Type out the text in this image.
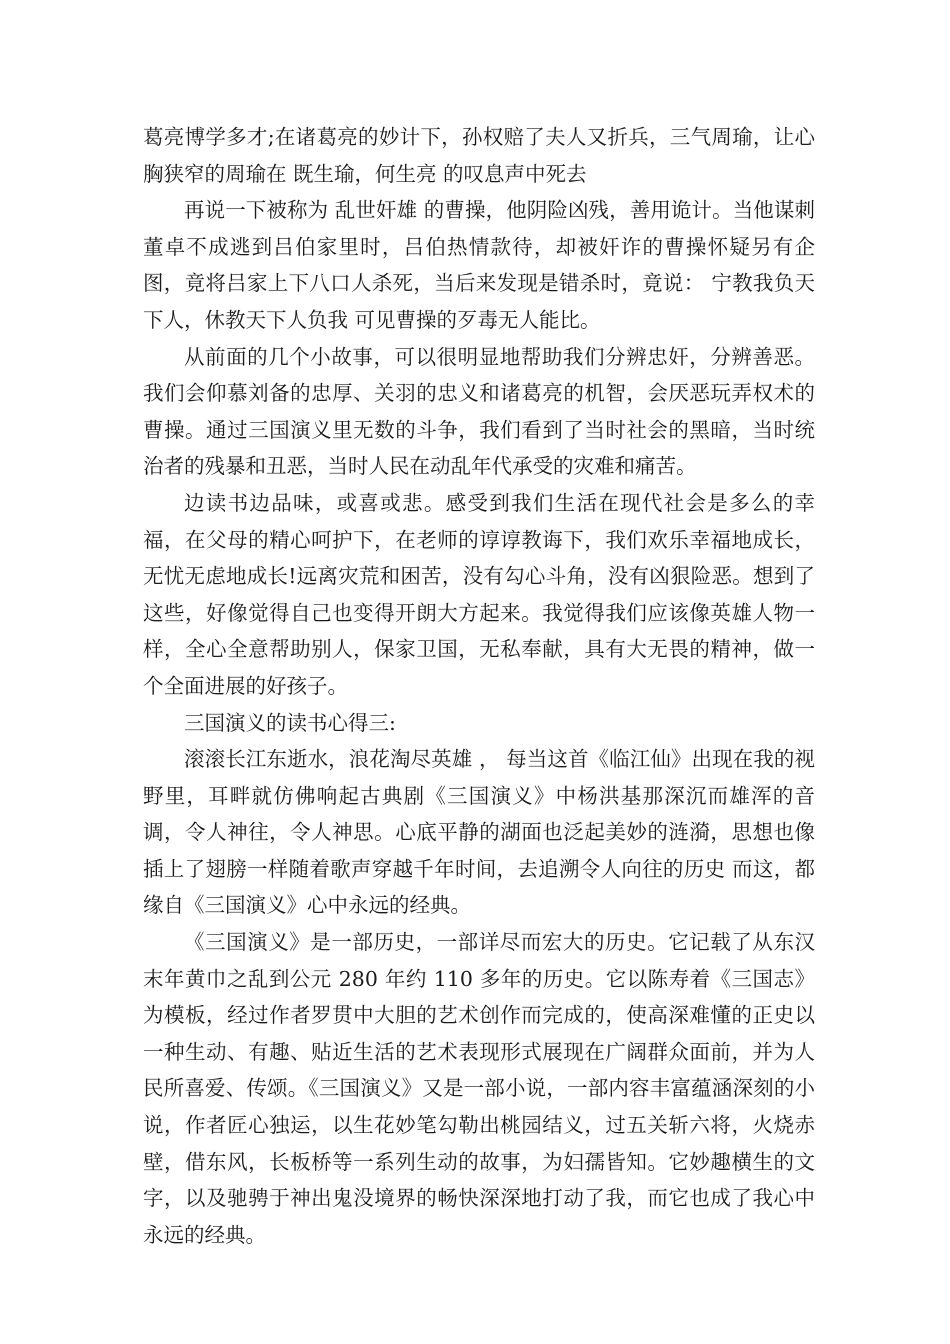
葛亮博学多才;在诸葛亮的妙计下，孙权赔了夫人又折兵，三气周瑜，让心胸狭窄的周瑜在 既生瑜，何生亮 的叹息声中死去

再说一下被称为 乱世奸雄 的曹操，他阴险凶残，善用诡计。当他谋刺董卓不成逃到吕伯家里时，吕伯热情款待，却被奸诈的曹操怀疑另有企图，竟将吕家上下八口人杀死，当后来发现是错杀时，竟说： 宁教我负天下人，休教天下人负我 可见曹操的歹毒无人能比。

从前面的几个小故事，可以很明显地帮助我们分辨忠奸，分辨善恶。我们会仰慕刘备的忠厚、关羽的忠义和诸葛亮的机智，会厌恶玩弄权术的曹操。通过三国演义里无数的斗争，我们看到了当时社会的黑暗，当时统治者的残暴和丑恶，当时人民在动乱年代承受的灾难和痛苦。

边读书边品味，或喜或悲。感受到我们生活在现代社会是多么的幸福，在父母的精心呵护下，在老师的谆谆教诲下，我们欢乐幸福地成长，无忧无虑地成长!远离灾荒和困苦，没有勾心斗角，没有凶狠险恶。想到了这些，好像觉得自己也变得开朗大方起来。我觉得我们应该像英雄人物一样，全心全意帮助别人，保家卫国，无私奉献，具有大无畏的精神，做一个全面进展的好孩子。

三国演义的读书心得三:

滚滚长江东逝水，浪花淘尽英雄 ， 每当这首《临江仙》出现在我的视野里，耳畔就仿佛响起古典剧《三国演义》中杨洪基那深沉而雄浑的音调，令人神往，令人神思。心底平静的湖面也泛起美妙的涟漪，思想也像插上了翅膀一样随着歌声穿越千年时间，去追溯令人向往的历史 而这，都缘自《三国演义》心中永远的经典。

《三国演义》是一部历史，一部详尽而宏大的历史。它记载了从东汉末年黄巾之乱到公元 280 年约 110 多年的历史。它以陈寿着《三国志》为模板，经过作者罗贯中大胆的艺术创作而完成的，使高深难懂的正史以一种生动、有趣、贴近生活的艺术表现形式展现在广阔群众面前，并为人民所喜爱、传颂。《三国演义》又是一部小说，一部内容丰富蕴涵深刻的小说，作者匠心独运，以生花妙笔勾勒出桃园结义，过五关斩六将，火烧赤壁，借东风，长板桥等一系列生动的故事，为妇孺皆知。它妙趣横生的文字，以及驰骋于神出鬼没境界的畅快深深地打动了我，而它也成了我心中永远的经典。
